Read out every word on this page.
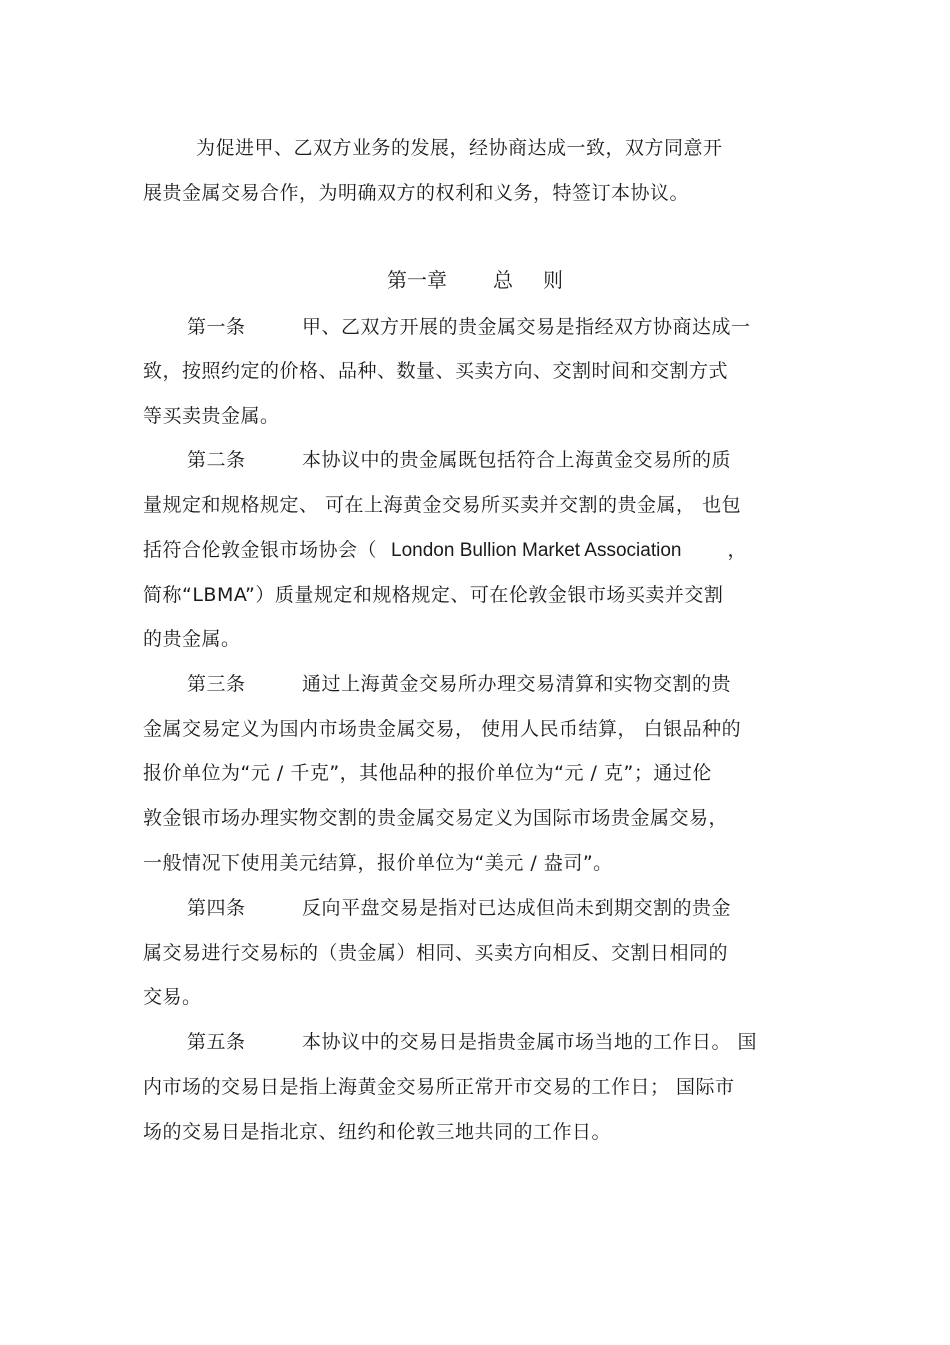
为促进甲、乙双方业务的发展，经协商达成一致，双方同意开
展贵金属交易合作，为明确双方的权利和义务，特签订本协议。
第一章 总 则
第一条	甲、乙双方开展的贵金属交易是指经双方协商达成一
致，按照约定的价格、品种、数量、买卖方向、交割时间和交割方式
等买卖贵金属。
第二条	本协议中的贵金属既包括符合上海黄金交易所的质
量规定和规格规定、 可在上海黄金交易所买卖并交割的贵金属， 也包
括符合伦敦金银市场协会（ London Bullion Market Association ，
简称“LBMA”）质量规定和规格规定、可在伦敦金银市场买卖并交割
的贵金属。
第三条	通过上海黄金交易所办理交易清算和实物交割的贵
金属交易定义为国内市场贵金属交易， 使用人民币结算， 白银品种的
报价单位为“元 / 千克”，其他品种的报价单位为“元 / 克”；通过伦
敦金银市场办理实物交割的贵金属交易定义为国际市场贵金属交易，
一般情况下使用美元结算，报价单位为“美元 / 盎司”。
第四条	反向平盘交易是指对已达成但尚未到期交割的贵金
属交易进行交易标的（贵金属）相同、买卖方向相反、交割日相同的
交易。
第五条	本协议中的交易日是指贵金属市场当地的工作日。 国
内市场的交易日是指上海黄金交易所正常开市交易的工作日； 国际市
场的交易日是指北京、纽约和伦敦三地共同的工作日。
